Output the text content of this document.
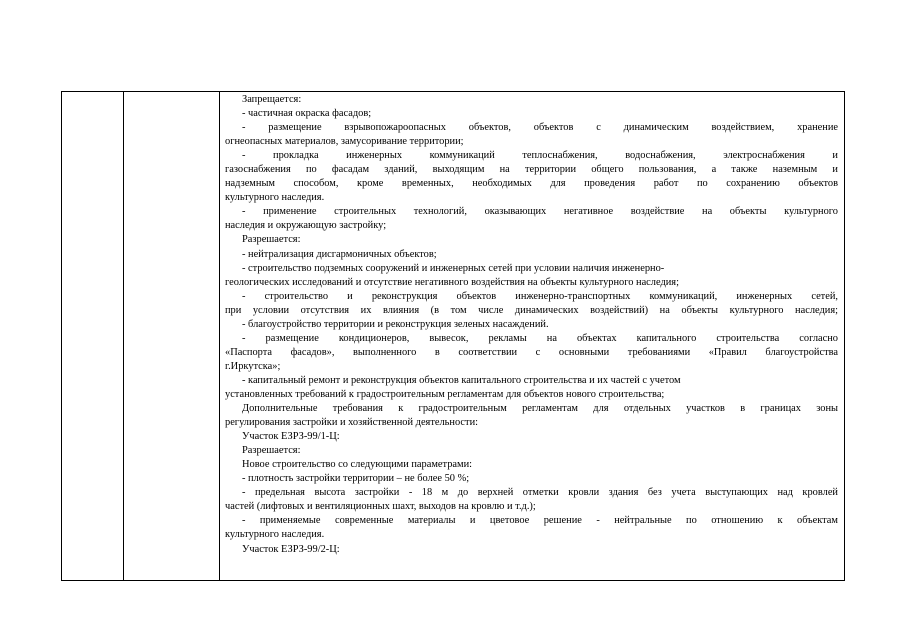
Запрещается:
- частичная окраска фасадов;
- размещение взрывопожароопасных объектов, объектов с динамическим воздействием, хранение
огнеопасных материалов, замусоривание территории;
- прокладка инженерных коммуникаций теплоснабжения, водоснабжения, электроснабжения и
газоснабжения по фасадам зданий, выходящим на территории общего пользования, а также наземным и
надземным способом, кроме временных, необходимых для проведения работ по сохранению объектов
культурного наследия.
- применение строительных технологий, оказывающих негативное воздействие на объекты культурного
наследия и окружающую застройку;
Разрешается:
- нейтрализация дисгармоничных объектов;
- строительство подземных сооружений и инженерных сетей при условии наличия инженерно-
геологических исследований и отсутствие негативного воздействия на объекты культурного наследия;
- строительство и реконструкция объектов инженерно-транспортных коммуникаций, инженерных сетей,
при условии отсутствия их влияния (в том числе динамических воздействий) на объекты культурного наследия;
- благоустройство территории и реконструкция зеленых насаждений.
- размещение кондиционеров, вывесок, рекламы на объектах капитального строительства согласно
«Паспорта фасадов», выполненного в соответствии с основными требованиями «Правил благоустройства
г.Иркутска»;
- капитальный ремонт и реконструкция объектов капитального строительства и их частей с учетом
установленных требований к градостроительным регламентам для объектов нового строительства;
Дополнительные требования к градостроительным регламентам для отдельных участков в границах зоны
регулирования застройки и хозяйственной деятельности:
Участок ЕЗРЗ-99/1-Ц:
Разрешается:
Новое строительство со следующими параметрами:
- плотность застройки территории – не более 50 %;
- предельная высота застройки - 18 м до верхней отметки кровли здания без учета выступающих над кровлей
частей (лифтовых и вентиляционных шахт, выходов на кровлю и т.д.);
- применяемые современные материалы и цветовое решение - нейтральные по отношению к объектам
культурного наследия.
Участок ЕЗРЗ-99/2-Ц:
